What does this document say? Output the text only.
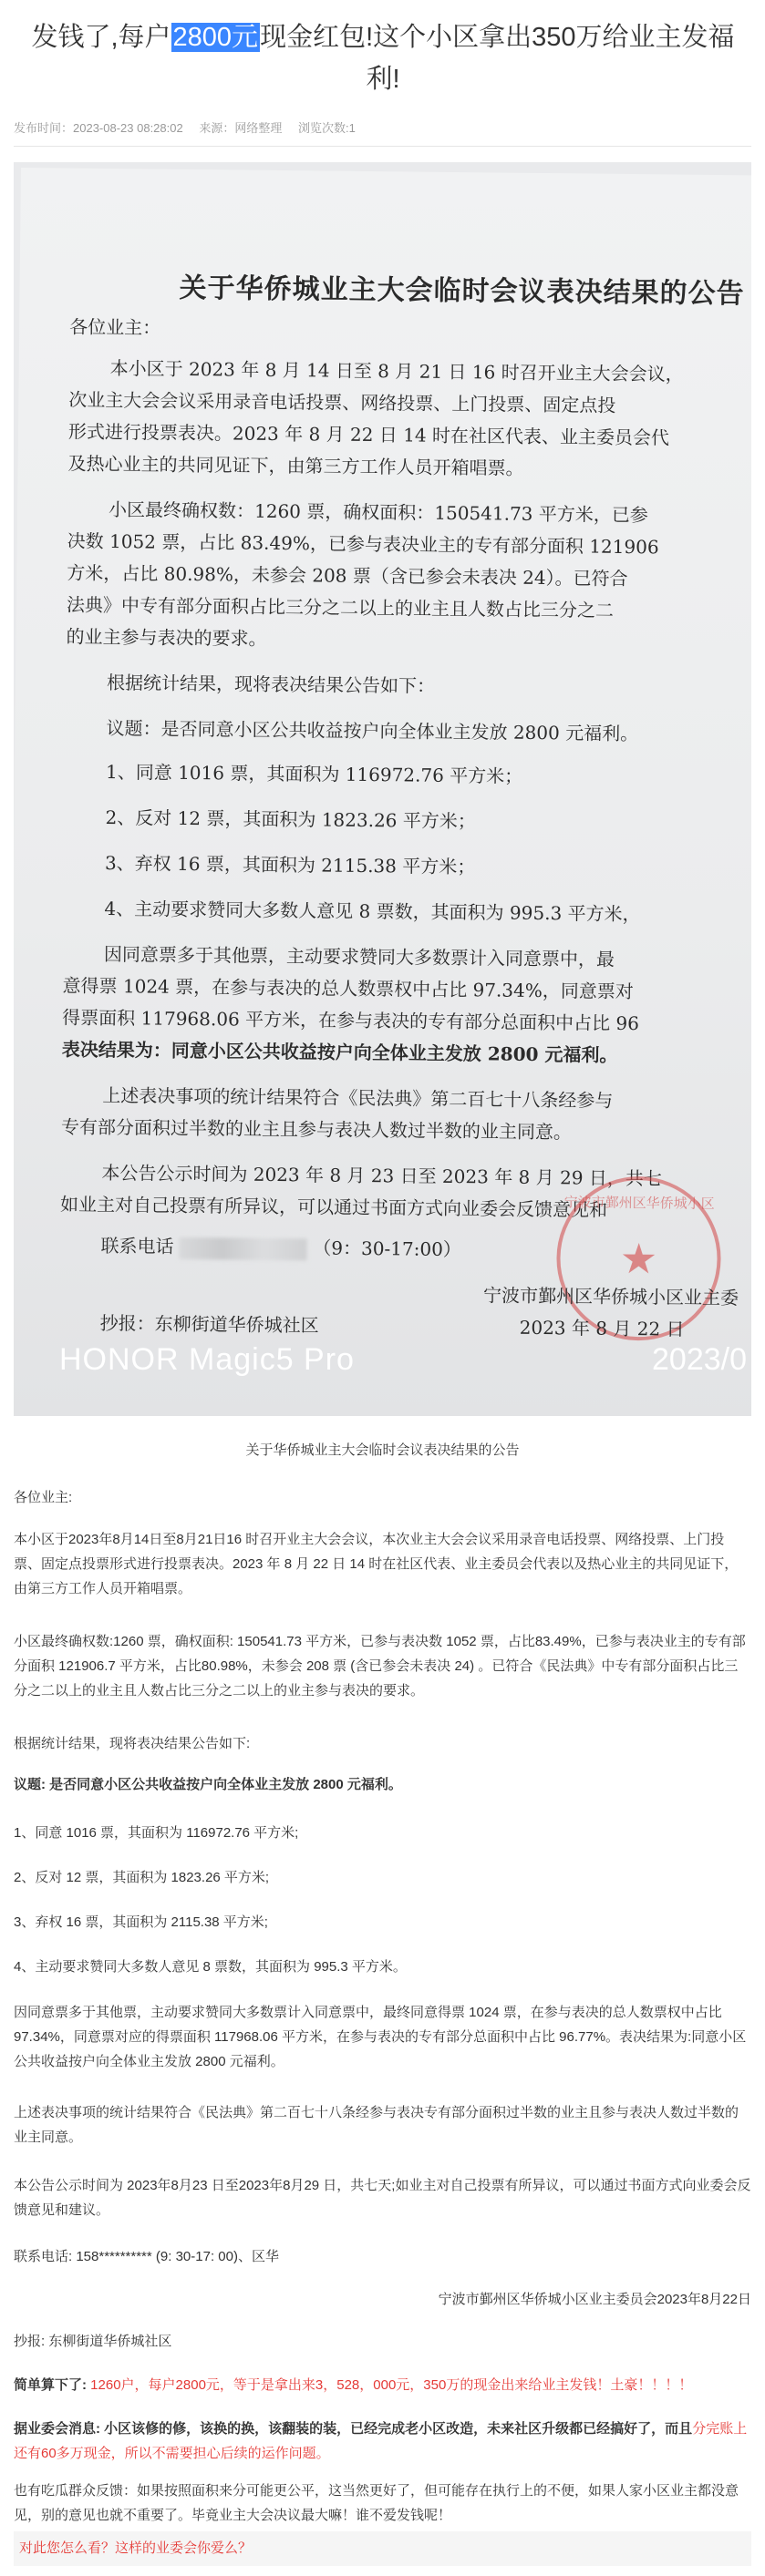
发钱了,每户2800元现金红包!这个小区拿出350万给业主发福利!
发布时间：2023-08-23 08:28:02 来源：网络整理 浏览次数:1
关于华侨城业主大会临时会议表决结果的公告
各位业主：
本小区于 2023 年 8 月 14 日至 8 月 21 日 16 时召开业主大会会议，
次业主大会会议采用录音电话投票、网络投票、上门投票、固定点投
形式进行投票表决。2023 年 8 月 22 日 14 时在社区代表、业主委员会代
及热心业主的共同见证下，由第三方工作人员开箱唱票。
小区最终确权数：1260 票，确权面积：150541.73 平方米，已参
决数 1052 票，占比 83.49%，已参与表决业主的专有部分面积 121906
方米，占比 80.98%，未参会 208 票（含已参会未表决 24）。已符合
法典》中专有部分面积占比三分之二以上的业主且人数占比三分之二
的业主参与表决的要求。
根据统计结果，现将表决结果公告如下：
议题：是否同意小区公共收益按户向全体业主发放 2800 元福利。
1、同意 1016 票，其面积为 116972.76 平方米；
2、反对 12 票，其面积为 1823.26 平方米；
3、弃权 16 票，其面积为 2115.38 平方米；
4、主动要求赞同大多数人意见 8 票数，其面积为 995.3 平方米，
因同意票多于其他票，主动要求赞同大多数票计入同意票中，最
意得票 1024 票，在参与表决的总人数票权中占比 97.34%，同意票对
得票面积 117968.06 平方米，在参与表决的专有部分总面积中占比 96
表决结果为：同意小区公共收益按户向全体业主发放 2800 元福利。
上述表决事项的统计结果符合《民法典》第二百七十八条经参与
专有部分面积过半数的业主且参与表决人数过半数的业主同意。
本公告公示时间为 2023 年 8 月 23 日至 2023 年 8 月 29 日，共七
如业主对自己投票有所异议，可以通过书面方式向业委会反馈意见和
联系电话	（9：30-17:00）
宁波市鄞州区华侨城小区
★
宁波市鄞州区华侨城小区业主委
2023 年 8 月 22 日
抄报：东柳街道华侨城社区
HONOR Magic5 Pro	2023/0
关于华侨城业主大会临时会议表决结果的公告
各位业主:
本小区于2023年8月14日至8月21日16 时召开业主大会会议，本次业主大会会议采用录音电话投票、网络投票、上门投票、固定点投票形式进行投票表决。2023 年 8 月 22 日 14 时在社区代表、业主委员会代表以及热心业主的共同见证下，由第三方工作人员开箱唱票。
小区最终确权数:1260 票，确权面积: 150541.73 平方米，已参与表决数 1052 票，占比83.49%，已参与表决业主的专有部分面积 121906.7 平方米，占比80.98%，未参会 208 票 (含已参会未表决 24) 。已符合《民法典》中专有部分面积占比三分之二以上的业主且人数占比三分之二以上的业主参与表决的要求。
根据统计结果，现将表决结果公告如下:
议题: 是否同意小区公共收益按户向全体业主发放 2800 元福利。
1、同意 1016 票，其面积为 116972.76 平方米;
2、反对 12 票，其面积为 1823.26 平方米;
3、弃权 16 票，其面积为 2115.38 平方米;
4、主动要求赞同大多数人意见 8 票数，其面积为 995.3 平方米。
因同意票多于其他票，主动要求赞同大多数票计入同意票中，最终同意得票 1024 票，在参与表决的总人数票权中占比 97.34%，同意票对应的得票面积 117968.06 平方米，在参与表决的专有部分总面积中占比 96.77%。表决结果为:同意小区公共收益按户向全体业主发放 2800 元福利。
上述表决事项的统计结果符合《民法典》第二百七十八条经参与表决专有部分面积过半数的业主且参与表决人数过半数的业主同意。
本公告公示时间为 2023年8月23 日至2023年8月29 日，共七天;如业主对自己投票有所异议，可以通过书面方式向业委会反馈意见和建议。
联系电话: 158********** (9: 30-17: 00)、区华
宁波市鄞州区华侨城小区业主委员会2023年8月22日
抄报: 东柳街道华侨城社区
简单算下了: 1260户，每户2800元，等于是拿出来3，528，000元，350万的现金出来给业主发钱！土豪！！！！
据业委会消息: 小区该修的修，该换的换，该翻装的装，已经完成老小区改造，未来社区升级都已经搞好了，而且分完账上还有60多万现金，所以不需要担心后续的运作问题。
也有吃瓜群众反馈：如果按照面积来分可能更公平，这当然更好了，但可能存在执行上的不便，如果人家小区业主都没意见，别的意见也就不重要了。毕竟业主大会决议最大嘛！谁不爱发钱呢！
对此您怎么看？这样的业委会你爱么？
